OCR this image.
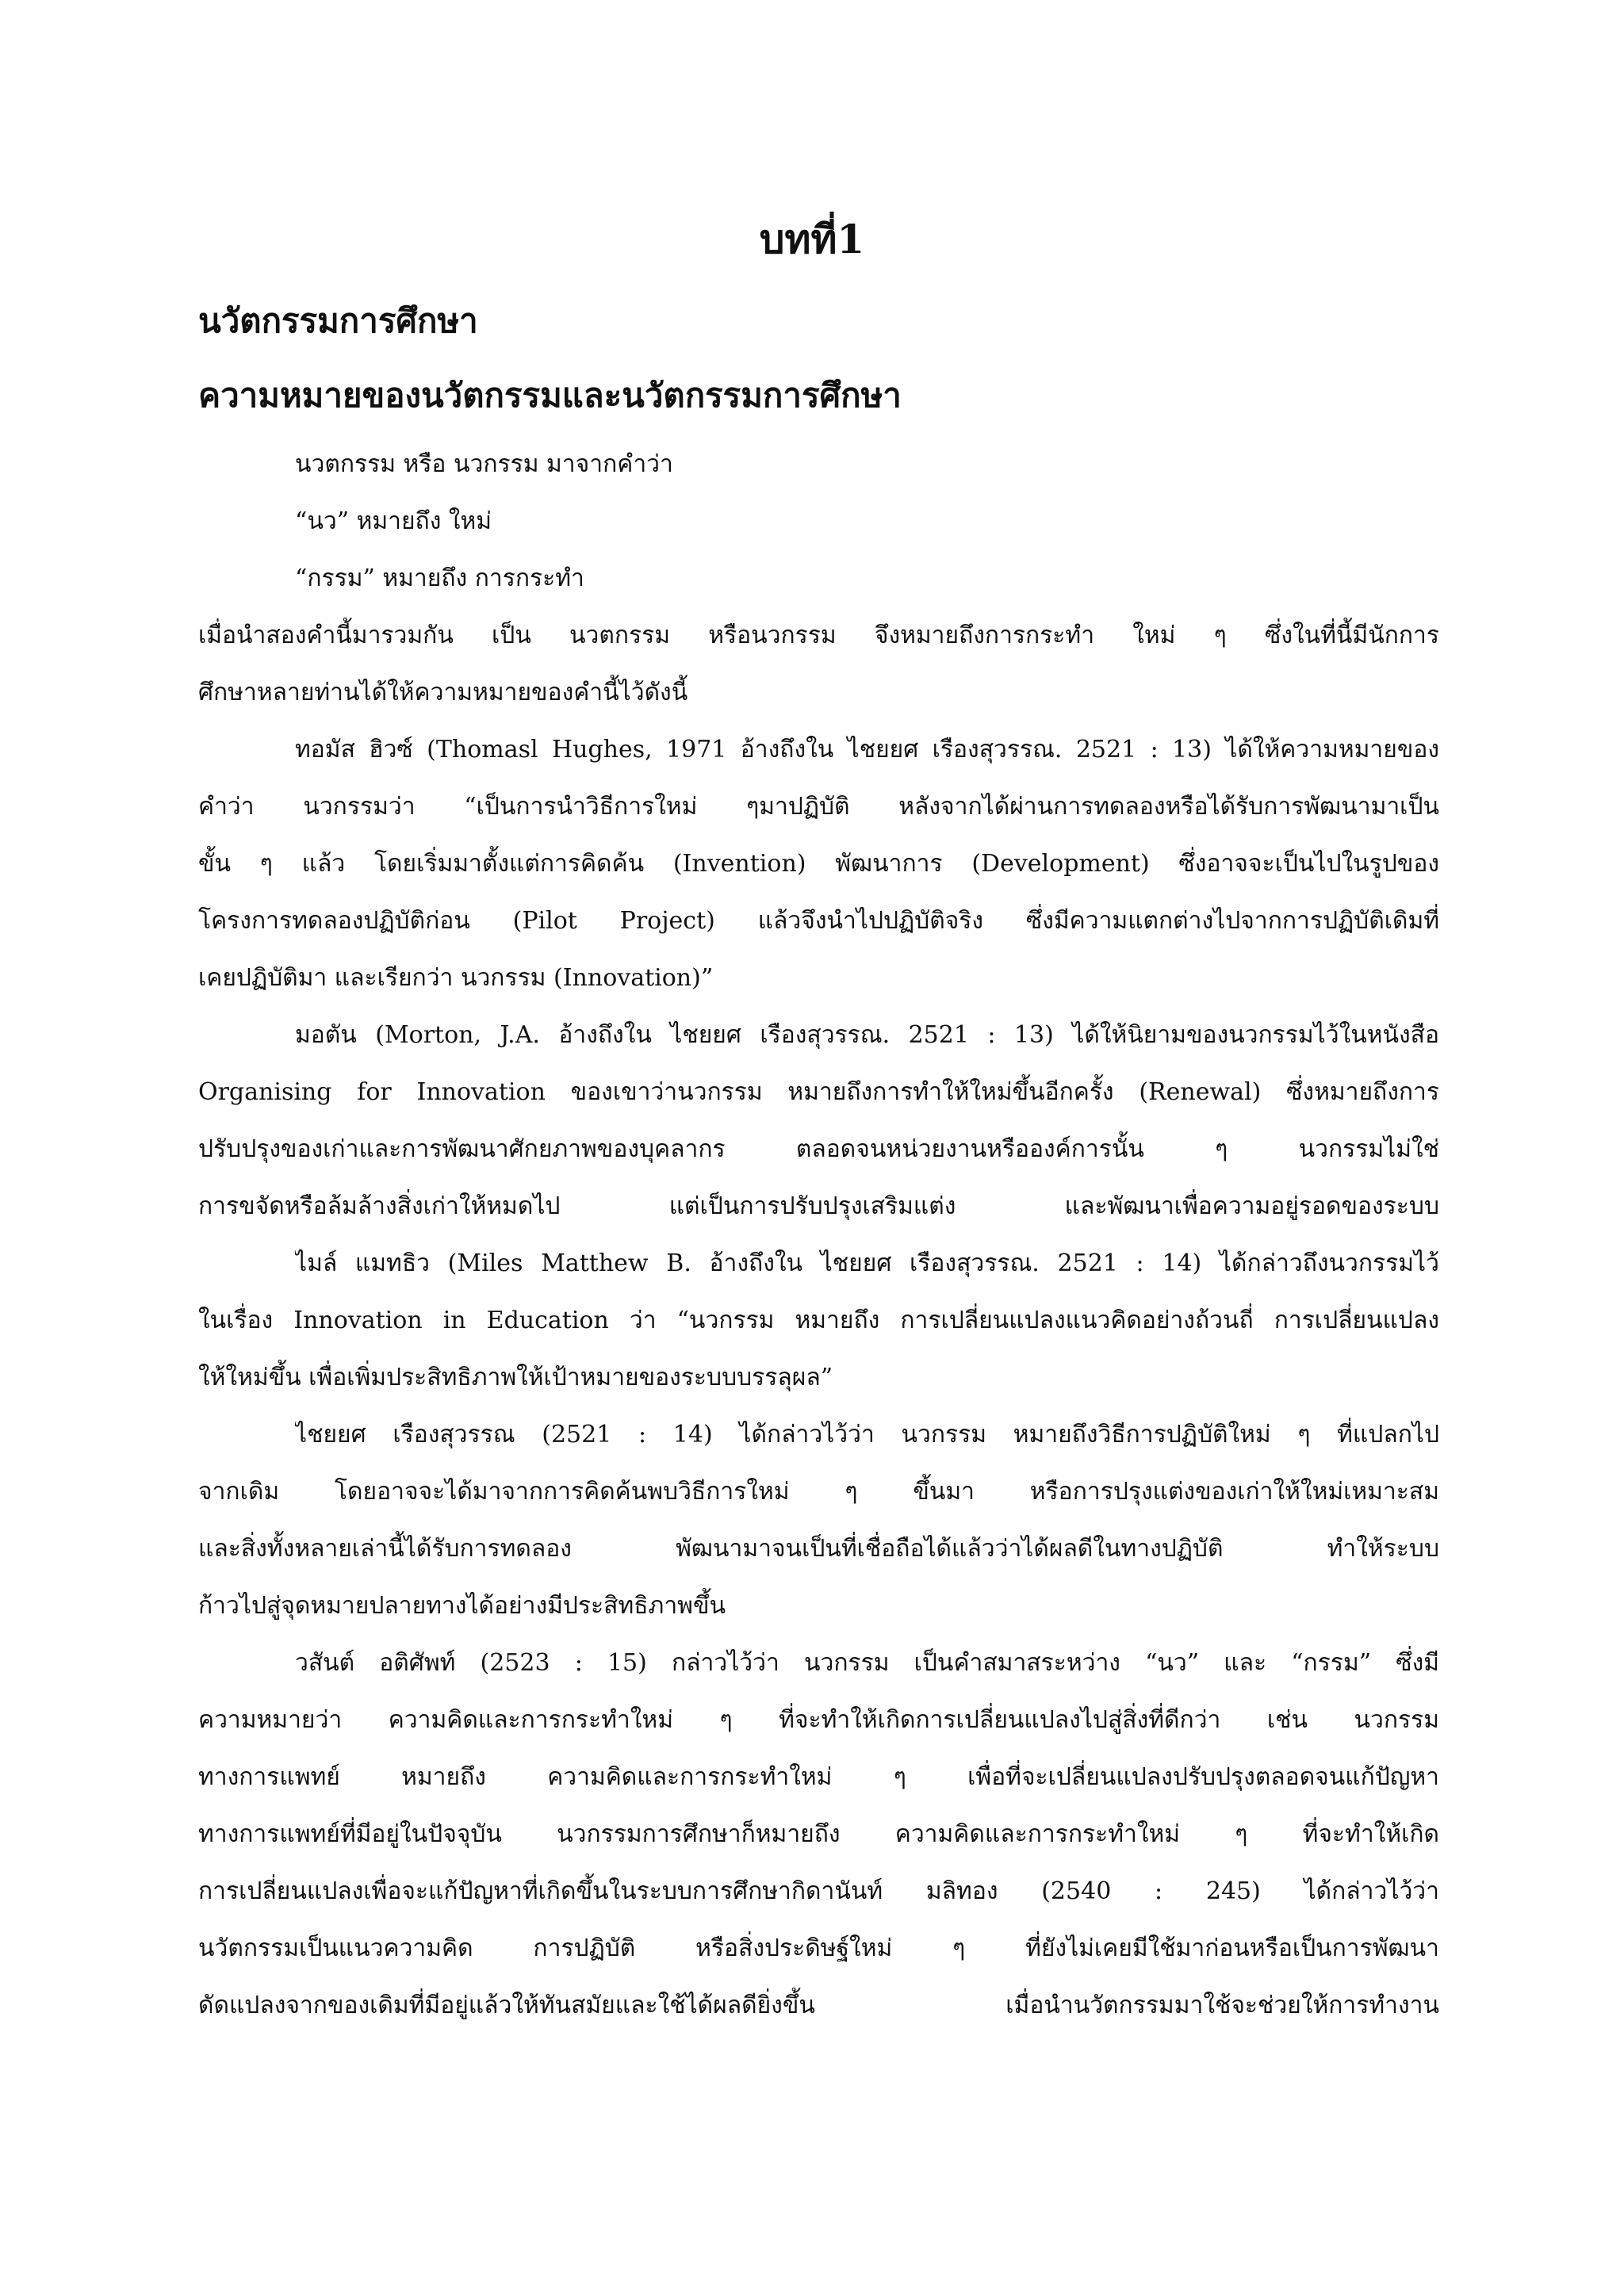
บทที่1
นวัตกรรมการศึกษา
ความหมายของนวัตกรรมและนวัตกรรมการศึกษา
นวตกรรม หรือ นวกรรม มาจากคำว่า
“นว” หมายถึง ใหม่
“กรรม” หมายถึง การกระทำ
เมื่อนำสองคำนี้มารวมกัน เป็น นวตกรรม หรือนวกรรม จึงหมายถึงการกระทำ ใหม่ ๆ ซึ่งในที่นี้มีนักการ
ศึกษาหลายท่านได้ให้ความหมายของคำนี้ไว้ดังนี้
ทอมัส ฮิวซ์ (Thomasl Hughes, 1971 อ้างถึงใน ไชยยศ เรืองสุวรรณ. 2521 : 13) ได้ให้ความหมายของ
คำว่า นวกรรมว่า “เป็นการนำวิธีการใหม่ ๆมาปฏิบัติ หลังจากได้ผ่านการทดลองหรือได้รับการพัฒนามาเป็น
ขั้น ๆ แล้ว โดยเริ่มมาตั้งแต่การคิดค้น (Invention) พัฒนาการ (Development) ซึ่งอาจจะเป็นไปในรูปของ
โครงการทดลองปฏิบัติก่อน (Pilot Project) แล้วจึงนำไปปฏิบัติจริง ซึ่งมีความแตกต่างไปจากการปฏิบัติเดิมที่
เคยปฏิบัติมา และเรียกว่า นวกรรม (Innovation)”
มอตัน (Morton, J.A. อ้างถึงใน ไชยยศ เรืองสุวรรณ. 2521 : 13) ได้ให้นิยามของนวกรรมไว้ในหนังสือ
Organising for Innovation ของเขาว่านวกรรม หมายถึงการทำให้ใหม่ขึ้นอีกครั้ง (Renewal) ซึ่งหมายถึงการ
ปรับปรุงของเก่าและการพัฒนาศักยภาพของบุคลากร ตลอดจนหน่วยงานหรือองค์การนั้น ๆ นวกรรมไม่ใช่
การขจัดหรือล้มล้างสิ่งเก่าให้หมดไป แต่เป็นการปรับปรุงเสริมแต่ง และพัฒนาเพื่อความอยู่รอดของระบบ
ไมล์ แมทธิว (Miles Matthew B. อ้างถึงใน ไชยยศ เรืองสุวรรณ. 2521 : 14) ได้กล่าวถึงนวกรรมไว้
ในเรื่อง Innovation in Education ว่า “นวกรรม หมายถึง การเปลี่ยนแปลงแนวคิดอย่างถ้วนถี่ การเปลี่ยนแปลง
ให้ใหม่ขึ้น เพื่อเพิ่มประสิทธิภาพให้เป้าหมายของระบบบรรลุผล”
ไชยยศ เรืองสุวรรณ (2521 : 14) ได้กล่าวไว้ว่า นวกรรม หมายถึงวิธีการปฏิบัติใหม่ ๆ ที่แปลกไป
จากเดิม โดยอาจจะได้มาจากการคิดค้นพบวิธีการใหม่ ๆ ขึ้นมา หรือการปรุงแต่งของเก่าให้ใหม่เหมาะสม
และสิ่งทั้งหลายเล่านี้ได้รับการทดลอง พัฒนามาจนเป็นที่เชื่อถือได้แล้วว่าได้ผลดีในทางปฏิบัติ ทำให้ระบบ
ก้าวไปสู่จุดหมายปลายทางได้อย่างมีประสิทธิภาพขึ้น
วสันต์ อติศัพท์ (2523 : 15) กล่าวไว้ว่า นวกรรม เป็นคำสมาสระหว่าง “นว” และ “กรรม” ซึ่งมี
ความหมายว่า ความคิดและการกระทำใหม่ ๆ ที่จะทำให้เกิดการเปลี่ยนแปลงไปสู่สิ่งที่ดีกว่า เช่น นวกรรม
ทางการแพทย์ หมายถึง ความคิดและการกระทำใหม่ ๆ เพื่อที่จะเปลี่ยนแปลงปรับปรุงตลอดจนแก้ปัญหา
ทางการแพทย์ที่มีอยู่ในปัจจุบัน นวกรรมการศึกษาก็หมายถึง ความคิดและการกระทำใหม่ ๆ ที่จะทำให้เกิด
การเปลี่ยนแปลงเพื่อจะแก้ปัญหาที่เกิดขึ้นในระบบการศึกษากิดานันท์ มลิทอง (2540 : 245) ได้กล่าวไว้ว่า
นวัตกรรมเป็นแนวความคิด การปฏิบัติ หรือสิ่งประดิษฐ์ใหม่ ๆ ที่ยังไม่เคยมีใช้มาก่อนหรือเป็นการพัฒนา
ดัดแปลงจากของเดิมที่มีอยู่แล้วให้ทันสมัยและใช้ได้ผลดียิ่งขึ้น เมื่อนำนวัตกรรมมาใช้จะช่วยให้การทำงาน
